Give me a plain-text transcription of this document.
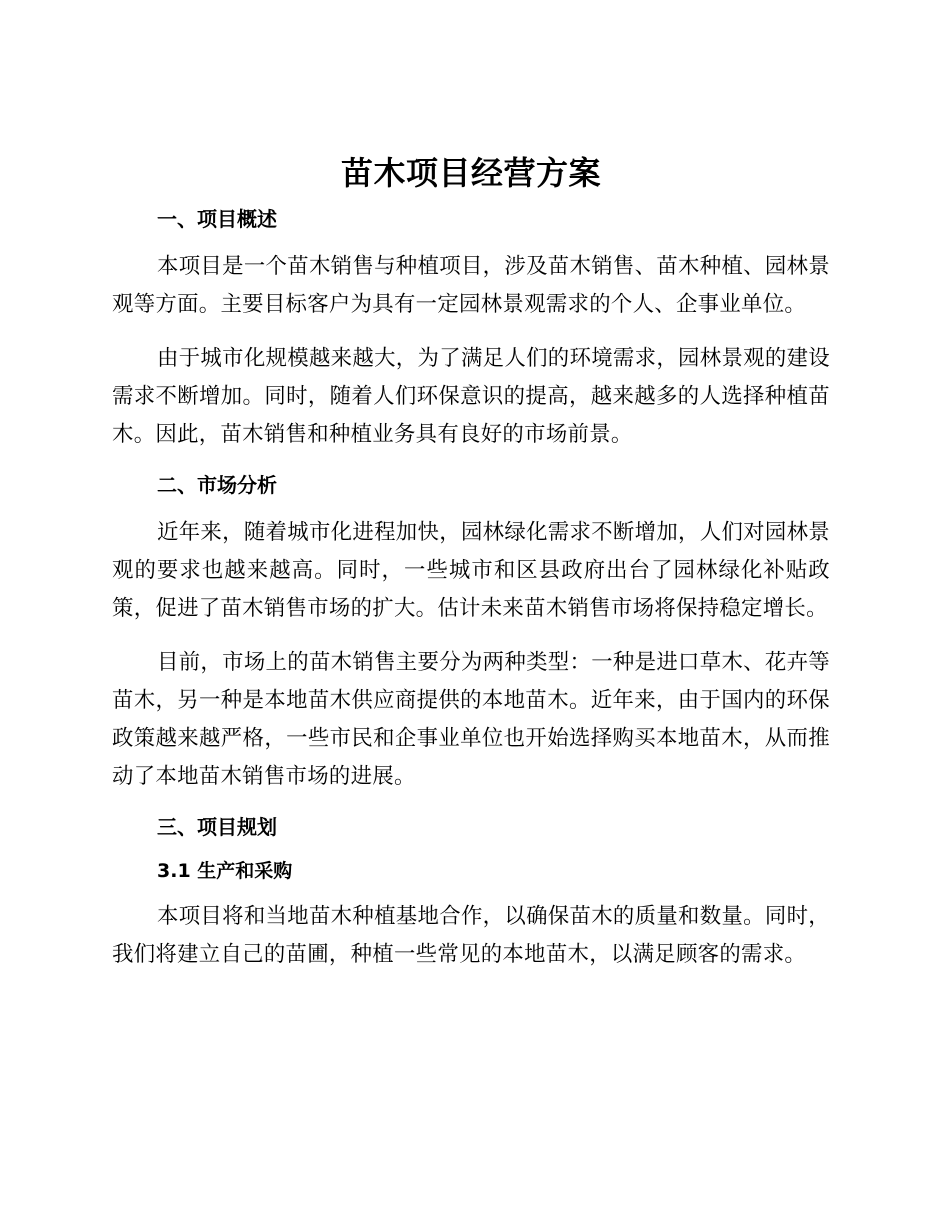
苗木项目经营方案
一、项目概述

本项目是一个苗木销售与种植项目，涉及苗木销售、苗木种植、园林景观等方面。主要目标客户为具有一定园林景观需求的个人、企事业单位。

由于城市化规模越来越大，为了满足人们的环境需求，园林景观的建设需求不断增加。同时，随着人们环保意识的提高，越来越多的人选择种植苗木。因此，苗木销售和种植业务具有良好的市场前景。

二、市场分析

近年来，随着城市化进程加快，园林绿化需求不断增加，人们对园林景观的要求也越来越高。同时，一些城市和区县政府出台了园林绿化补贴政策，促进了苗木销售市场的扩大。估计未来苗木销售市场将保持稳定增长。

目前，市场上的苗木销售主要分为两种类型：一种是进口草木、花卉等苗木，另一种是本地苗木供应商提供的本地苗木。近年来，由于国内的环保政策越来越严格，一些市民和企事业单位也开始选择购买本地苗木，从而推动了本地苗木销售市场的进展。

三、项目规划
3.1 生产和采购

本项目将和当地苗木种植基地合作，以确保苗木的质量和数量。同时，我们将建立自己的苗圃，种植一些常见的本地苗木，以满足顾客的需求。
